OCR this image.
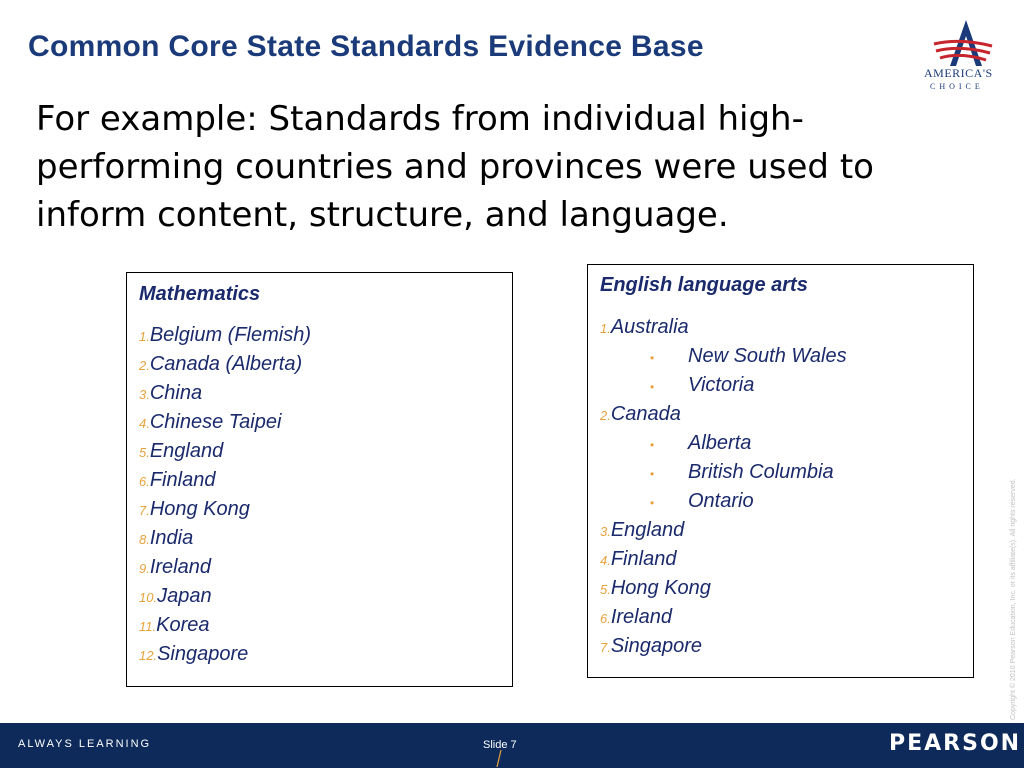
Common Core State Standards Evidence Base
AMERICA'S
CHOICE
For example: Standards from individual high-performing countries and provinces were used to inform content, structure, and language.
Mathematics
1.Belgium (Flemish)
2.Canada (Alberta)
3.China
4.Chinese Taipei
5.England
6.Finland
7.Hong Kong
8.India
9.Ireland
10.Japan
11.Korea
12.Singapore
English language arts
1.Australia
• New South Wales
• Victoria
2.Canada
• Alberta
• British Columbia
• Ontario
3.England
4.Finland
5.Hong Kong
6.Ireland
7.Singapore	Copyright © 2010 Pearson Education, Inc. or its affiliate(s). All rights reserved.
ALWAYS LEARNING	Slide 7	PEARSON
